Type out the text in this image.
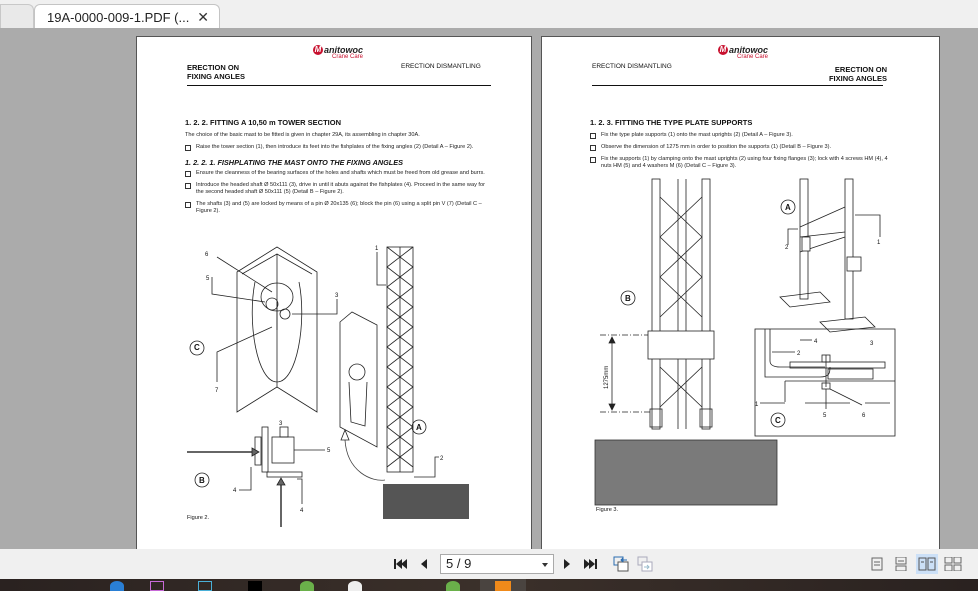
19A-0000-009-1.PDF (... ✕
ERECTION ON
FIXING ANGLES
M anitowoc
Crane Care
ERECTION DISMANTLING
1. 2. 2. FITTING A 10,50 m TOWER SECTION
The choice of the basic mast to be fitted is given in chapter 29A, its assembling in chapter 30A.
Raise the tower section (1), then introduce its feet into the fishplates of the fixing angles (2) (Detail A – Figure 2).
1. 2. 2. 1. FISHPLATING THE MAST ONTO THE FIXING ANGLES
Ensure the cleanness of the bearing surfaces of the holes and shafts which must be freed from old grease and burrs.
Introduce the headed shaft Ø 50x111 (3), drive in until it abuts against the fishplates (4). Proceed in the same way for the second headed shaft Ø 50x111 (5) (Detail B – Figure 2).
The shafts (3) and (5) are locked by means of a pin Ø 20x135 (6); block the pin (6) using a split pin V (7) (Detail C – Figure 2).
C
B
A
1
2
3
3
4
4
5
5
6
7
Figure 2.
ERECTION DISMANTLING
M anitowoc
Crane Care
ERECTION ON
FIXING ANGLES
1. 2. 3. FITTING THE TYPE PLATE SUPPORTS
Fix the type plate supports (1) onto the mast uprights (2) (Detail A – Figure 3).
Observe the dimension of 1275 mm in order to position the supports (1) (Detail B – Figure 3).
Fix the supports (1) by clamping onto the mast uprights (2) using four fixing flanges (3); lock with 4 screws HM (4), 4 nuts HM (5) and 4 washers M (6) (Detail C – Figure 3).
B
A
C
1275mm
1
1
2
2
3
4
5	6
Figure 3.
5 / 9
